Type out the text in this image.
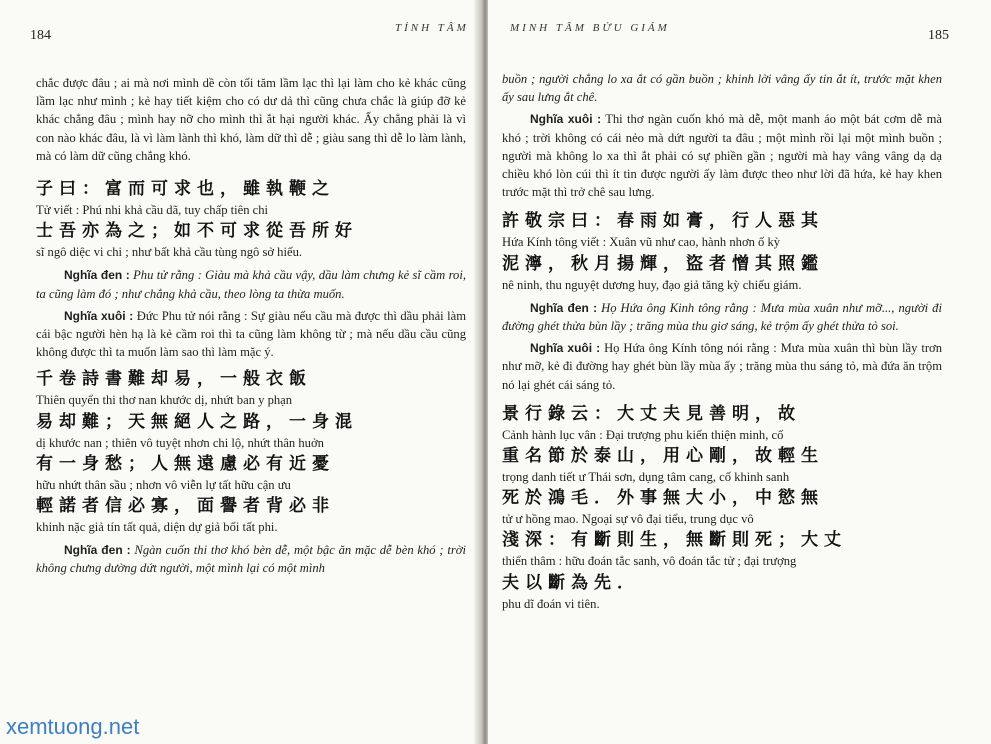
184	TỈNH TÂM

chắc được đâu ; ai mà nơi mình dề còn tối tăm lầm lạc thì lại làm cho kẻ khác cũng lầm lạc như mình ; kẻ hay tiết kiệm cho có dư dả thì cũng chưa chắc là giúp đỡ kẻ khác chẳng đâu ; mình hay nỡ cho mình thì ắt hại người khác. Ấy chẳng phải là vì con nào khác đâu, là vì làm lành thì khó, làm dữ thì dễ ; giàu sang thì dễ lo làm lành, mà có làm dữ cũng chẳng khó.

子曰：富而可求也，雖執鞭之
Tử viết : Phú nhi khả cầu dã, tuy chấp tiên chi
士吾亦為之；如不可求從吾所好
sĩ ngô diệc vi chi ; như bất khả cầu tùng ngô sở hiếu.

Nghĩa đen : Phu tử rằng : Giàu mà khả cầu vậy, dầu làm chưng kẻ sĩ cầm roi, ta cũng làm đó ; như chẳng khả cầu, theo lòng ta thừa muốn.

Nghĩa xuôi : Đức Phu tử nói rằng : Sự giàu nếu cầu mà được thì dầu phải làm cái bậc người hèn hạ là kẻ cầm roi thì ta cũng làm không từ ; mà nếu dầu cầu cũng không được thì ta muốn làm sao thì làm mặc ý.

千卷詩書難却易，一般衣飯
Thiên quyển thi thơ nan khước dị, nhứt ban y phạn
易却難；天無絕人之路，一身混
dị khước nan ; thiên vô tuyệt nhơn chi lộ, nhứt thân huởn
有一身愁；人無遠慮必有近憂
hữu nhứt thân sầu ; nhơn vô viễn lự tất hữu cận ưu
輕諾者信必寡，面譽者背必非
khinh nặc giả tín tất quả, diện dự giả bối tất phi.

Nghĩa đen : Ngàn cuốn thi thơ khó bèn dễ, một bậc ăn mặc dễ bèn khó ; trời không chưng dường dứt người, một mình lại có một mình

MINH TÂM BỬU GIÁM	185

buồn ; người chẳng lo xa ắt có gần buồn ; khinh lời vâng ấy tin ắt ít, trước mặt khen ấy sau lưng ắt chê.

Nghĩa xuôi : Thi thơ ngàn cuốn khó mà dễ, một manh áo một bát cơm dễ mà khó ; trời không có cái nẻo mà dứt người ta đâu ; một mình rồi lại một mình buồn ; người mà không lo xa thì ắt phải có sự phiền gần ; người mà hay vâng vâng dạ dạ chiều khó lòn cúi thì ít tin được người ấy làm được theo như lời đã hứa, kẻ hay khen trước mặt thì trở chê sau lưng.

許敬宗曰：春雨如膏，行人惡其
Hứa Kính tông viết : Xuân vũ như cao, hành nhơn ố kỳ
泥濘，秋月揚輝，盜者憎其照鑑
nê ninh, thu nguyệt dương huy, đạo giả tăng kỳ chiếu giám.

Nghĩa đen : Họ Hứa ông Kinh tông rằng : Mưa mùa xuân như mỡ..., người đi đường ghét thửa bùn lầy ; trăng mùa thu giơ sáng, kẻ trộm ấy ghét thửa tỏ soi.

Nghĩa xuôi : Họ Hứa ông Kính tông nói rằng : Mưa mùa xuân thì bùn lầy trơn như mỡ, kẻ đi đường hay ghét bùn lầy mùa ấy ; trăng mùa thu sáng tỏ, mà đứa ăn trộm nó lại ghét cái sáng tỏ.

景行錄云：大丈夫見善明，故
Cảnh hành lục vân : Đại trượng phu kiến thiện minh, cố
重名節於泰山，用心剛，故輕生
trọng danh tiết ư Thái sơn, dụng tâm cang, cố khinh sanh
死於鴻毛．外事無大小，中慾無
tử ư hồng mao. Ngoại sự vô đại tiểu, trung dục vô
淺深：有斷則生，無斷則死；大丈
thiển thâm : hữu đoán tắc sanh, vô đoán tắc tử ; đại trượng
夫以斷為先．
phu dĩ đoán vi tiên.
xemtuong.net
